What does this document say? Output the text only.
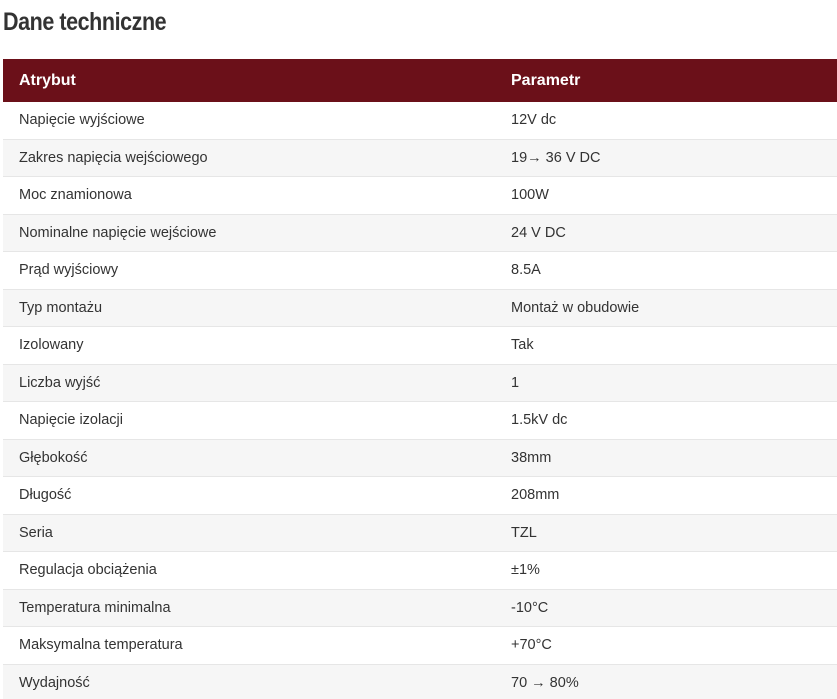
Dane techniczne
Atrybut	Parametr
Napięcie wyjściowe	12V dc
Zakres napięcia wejściowego	19→ 36 V DC
Moc znamionowa	100W
Nominalne napięcie wejściowe	24 V DC
Prąd wyjściowy	8.5A
Typ montażu	Montaż w obudowie
Izolowany	Tak
Liczba wyjść	1
Napięcie izolacji	1.5kV dc
Głębokość	38mm
Długość	208mm
Seria	TZL
Regulacja obciążenia	±1%
Temperatura minimalna	-10°C
Maksymalna temperatura	+70°C
Wydajność	70 → 80%
